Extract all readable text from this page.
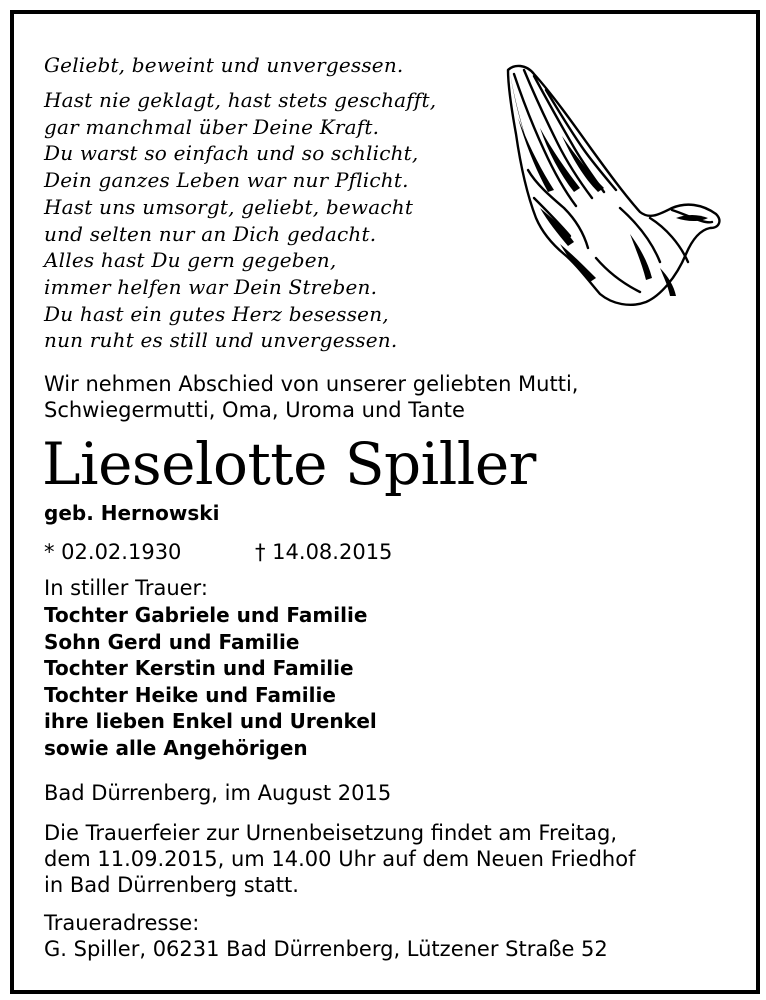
Geliebt, beweint und unvergessen.

Hast nie geklagt, hast stets geschafft,
gar manchmal über Deine Kraft.
Du warst so einfach und so schlicht,
Dein ganzes Leben war nur Pflicht.
Hast uns umsorgt, geliebt, bewacht
und selten nur an Dich gedacht.
Alles hast Du gern gegeben,
immer helfen war Dein Streben.
Du hast ein gutes Herz besessen,
nun ruht es still und unvergessen.
Wir nehmen Abschied von unserer geliebten Mutti,
Schwiegermutti, Oma, Uroma und Tante
Lieselotte Spiller

geb. Hernowski

* 02.02.1930	† 14.08.2015

In stiller Trauer:

Tochter Gabriele und Familie
Sohn Gerd und Familie
Tochter Kerstin und Familie
Tochter Heike und Familie
ihre lieben Enkel und Urenkel
sowie alle Angehörigen

Bad Dürrenberg, im August 2015

Die Trauerfeier zur Urnenbeisetzung findet am Freitag,
dem 11.09.2015, um 14.00 Uhr auf dem Neuen Friedhof
in Bad Dürrenberg statt.

Traueradresse:

G. Spiller, 06231 Bad Dürrenberg, Lützener Straße 52
